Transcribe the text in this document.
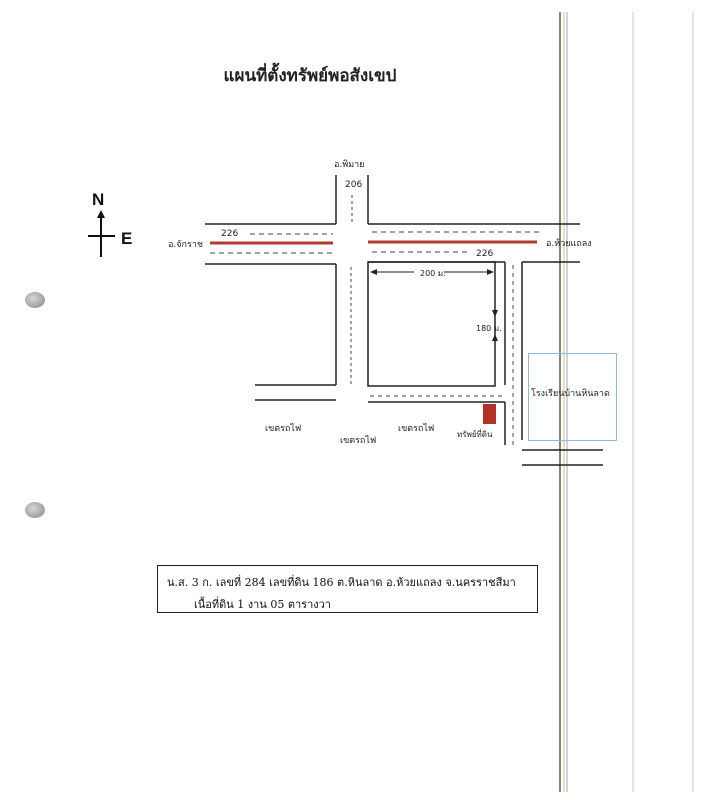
แผนที่ตั้งทรัพย์พอสังเขป
N
E
206
226
226
อ.พิมาย
อ.จักราช	อ.ห้วยแถลง
200 ม.
180 ม.
เขตรถไฟ
เขตรถไฟ
เขตรถไฟ
ทรัพย์ที่ดิน
โรงเรียนบ้านหินลาด
น.ส. 3 ก. เลขที่ 284 เลขที่ดิน 186 ต.หินลาด อ.ห้วยแถลง จ.นครราชสีมา
เนื้อที่ดิน 1 งาน 05 ตารางวา
